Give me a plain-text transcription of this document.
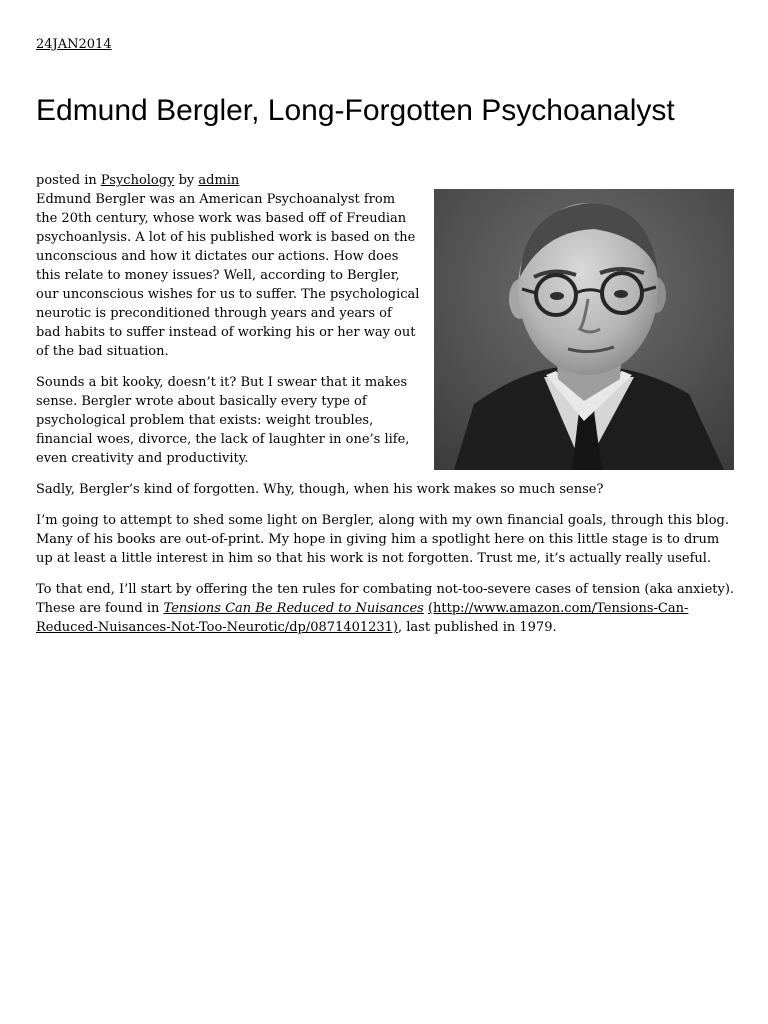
24JAN2014
Edmund Bergler, Long-Forgotten Psychoanalyst
posted in Psychology by admin

Edmund Bergler was an American Psychoanalyst from the 20th century, whose work was based off of Freudian psychoanlysis. A lot of his published work is based on the unconscious and how it dictates our actions. How does this relate to money issues? Well, according to Bergler, our unconscious wishes for us to suffer. The psychological neurotic is preconditioned through years and years of bad habits to suffer instead of working his or her way out of the bad situation.

Sounds a bit kooky, doesn’t it? But I swear that it makes sense. Bergler wrote about basically every type of psychological problem that exists: weight troubles, financial woes, divorce, the lack of laughter in one’s life, even creativity and productivity.

Sadly, Bergler’s kind of forgotten. Why, though, when his work makes so much sense?

I’m going to attempt to shed some light on Bergler, along with my own financial goals, through this blog. Many of his books are out-of-print. My hope in giving him a spotlight here on this little stage is to drum up at least a little interest in him so that his work is not forgotten. Trust me, it’s actually really useful.

To that end, I’ll start by offering the ten rules for combating not-too-severe cases of tension (aka anxiety). These are found in Tensions Can Be Reduced to Nuisances (http://www.amazon.com/Tensions-Can-Reduced-Nuisances-Not-Too-Neurotic/dp/0871401231), last published in 1979.
